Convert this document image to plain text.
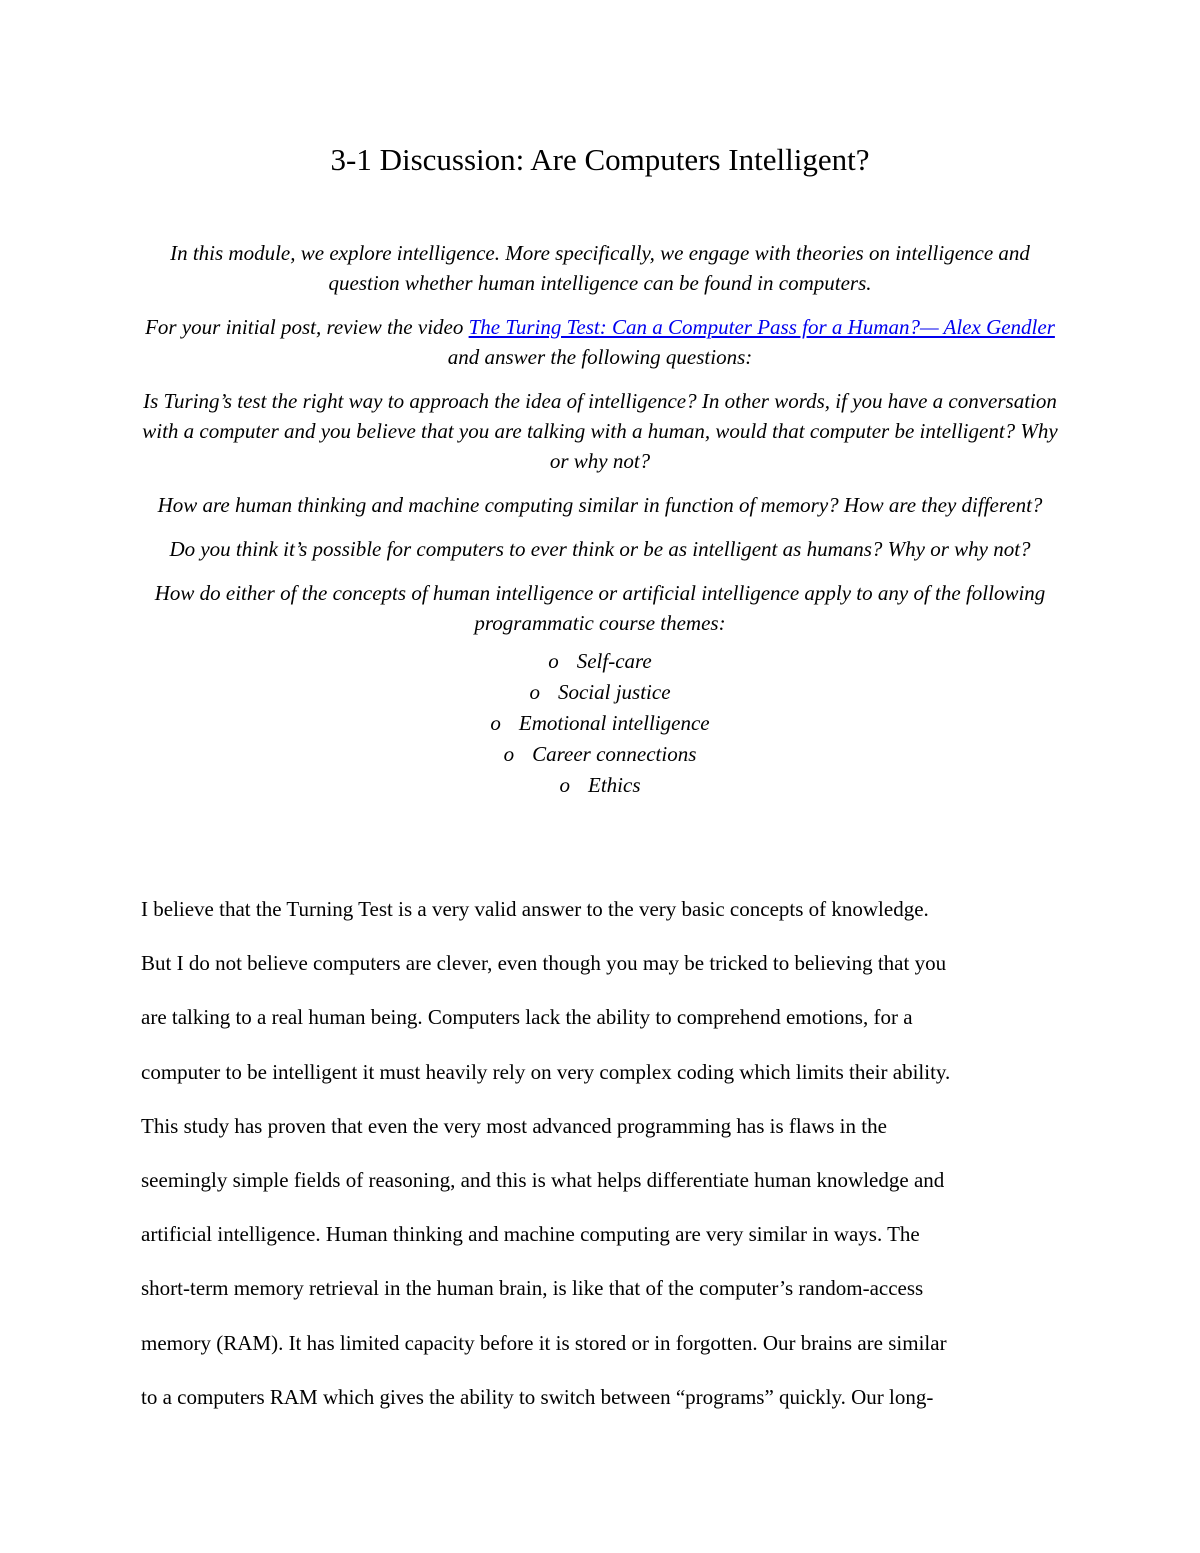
3-1 Discussion: Are Computers Intelligent?

In this module, we explore intelligence. More specifically, we engage with theories on intelligence and question whether human intelligence can be found in computers.

For your initial post, review the video The Turing Test: Can a Computer Pass for a Human?— Alex Gendler and answer the following questions:

Is Turing’s test the right way to approach the idea of intelligence? In other words, if you have a conversation with a computer and you believe that you are talking with a human, would that computer be intelligent? Why or why not?

How are human thinking and machine computing similar in function of memory? How are they different?

Do you think it’s possible for computers to ever think or be as intelligent as humans? Why or why not?

How do either of the concepts of human intelligence or artificial intelligence apply to any of the following programmatic course themes:

o Self-care
o Social justice
o Emotional intelligence
o Career connections
o Ethics
I believe that the Turning Test is a very valid answer to the very basic concepts of knowledge.
But I do not believe computers are clever, even though you may be tricked to believing that you
are talking to a real human being. Computers lack the ability to comprehend emotions, for a
computer to be intelligent it must heavily rely on very complex coding which limits their ability.
This study has proven that even the very most advanced programming has is flaws in the
seemingly simple fields of reasoning, and this is what helps differentiate human knowledge and
artificial intelligence. Human thinking and machine computing are very similar in ways. The
short-term memory retrieval in the human brain, is like that of the computer’s random-access
memory (RAM). It has limited capacity before it is stored or in forgotten. Our brains are similar
to a computers RAM which gives the ability to switch between “programs” quickly. Our long-
